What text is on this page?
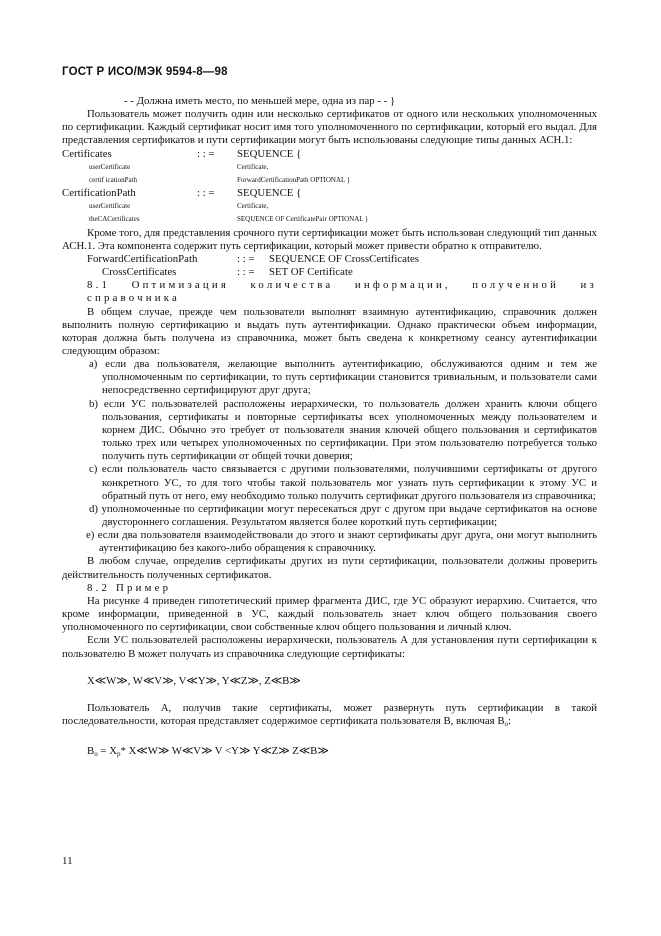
ГОСТ Р ИСО/МЭК 9594-8—98

- - Должна иметь место, по меньшей мере, одна из пар - - }

Пользователь может получить один или несколько сертификатов от одного или нескольких уполномоченных по сертификации. Каждый сертификат носит имя того уполномоченного по сертификации, который его выдал. Для представления сертификатов и пути сертификации могут быть использованы следующие типы данных АСН.1:

Certificates	: : =	SEQUENCE {
userCertificate	Certificate,
certif icationPath	ForwardCertificationPath OPTIONAL }
CertificationPath	: : =	SEQUENCE {
userCertificate	Certificate,
theCACertificates	SEQUENCE OF CertificatePair OPTIONAL }

Кроме того, для представления срочного пути сертификации может быть использован следующий тип данных АСН.1. Эта компонента содержит путь сертификации, который может привести обратно к отправителю.

ForwardCertificationPath	: : =	SEQUENCE OF CrossCertificates
CrossCertificates	: : =	SET OF Certificate

8.1 Оптимизация количества информации, полученной из справочника

В общем случае, прежде чем пользователи выполнят взаимную аутентификацию, справочник должен выполнить полную сертификацию и выдать путь аутентификации. Однако практически объем информации, которая должна быть получена из справочника, может быть сведена к конкретному сеансу аутентификации следующим образом:

a) если два пользователя, желающие выполнить аутентификацию, обслуживаются одним и тем же уполномоченным по сертификации, то путь сертификации становится тривиальным, и пользователи сами непосредственно сертифицируют друг друга;

b) если УС пользователей расположены иерархически, то пользователь должен хранить ключи общего пользования, сертификаты и повторные сертификаты всех уполномоченных между пользователем и корнем ДИС. Обычно это требует от пользователя знания ключей общего пользования и сертификатов только трех или четырех уполномоченных по сертификации. При этом пользователю потребуется только получить путь сертификации от общей точки доверия;

c) если пользователь часто связывается с другими пользователями, получившими сертификаты от другого конкретного УС, то для того чтобы такой пользователь мог узнать путь сертификации к этому УС и обратный путь от него, ему необходимо только получить сертификат другого пользователя из справочника;

d) уполномоченные по сертификации могут пересекаться друг с другом при выдаче сертификатов на основе двустороннего соглашения. Результатом является более короткий путь сертификации;

e) если два пользователя взаимодействовали до этого и знают сертификаты друг друга, они могут выполнить аутентификацию без какого-либо обращения к справочнику.

В любом случае, определив сертификаты других из пути сертификации, пользователи должны проверить действительность полученных сертификатов.

8.2 Пример

На рисунке 4 приведен гипотетический пример фрагмента ДИС, где УС образуют иерархию. Считается, что кроме информации, приведенной в УС, каждый пользователь знает ключ общего пользования своего уполномоченного по сертификации, свои собственные ключ общего пользования и личный ключ.

Если УС пользователей расположены иерархически, пользователь А для установления пути сертификации к пользователю В может получать из справочника следующие сертификаты:

X≪W≫, W≪V≫, V≪Y≫, Y≪Z≫, Z≪B≫

Пользователь А, получив такие сертификаты, может развернуть путь сертификации в такой последовательности, которая представляет содержимое сертификата пользователя В, включая $В_о$:

$В_о = X_р*$ X≪W≫ W≪V≫ V <Y≫ Y≪Z≫ Z≪B≫

11
